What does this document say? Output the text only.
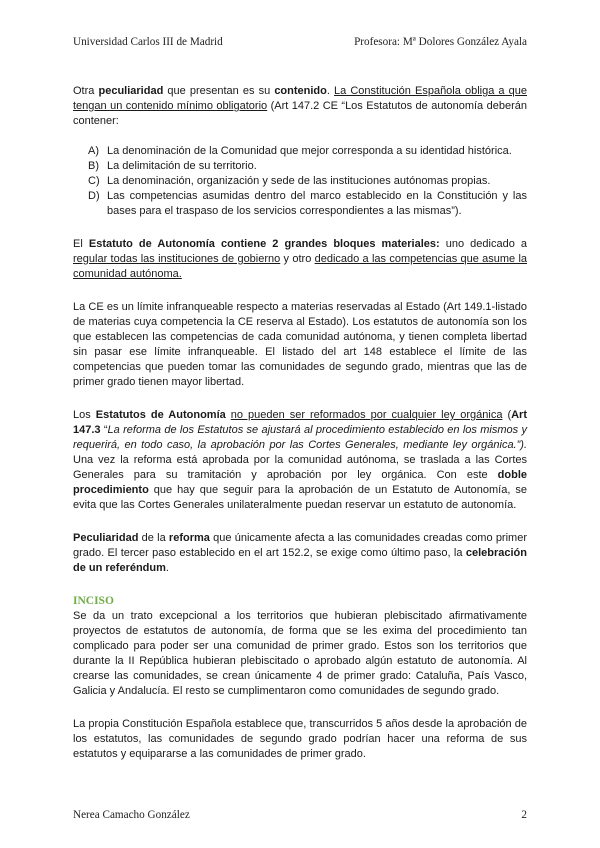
Universidad Carlos III de Madrid	Profesora: Mª Dolores González Ayala

Otra peculiaridad que presentan es su contenido. La Constitución Española obliga a que tengan un contenido mínimo obligatorio (Art 147.2 CE “Los Estatutos de autonomía deberán contener:

A) La denominación de la Comunidad que mejor corresponda a su identidad histórica.
B) La delimitación de su territorio.
C) La denominación, organización y sede de las instituciones autónomas propias.
D) Las competencias asumidas dentro del marco establecido en la Constitución y las bases para el traspaso de los servicios correspondientes a las mismas”).

El Estatuto de Autonomía contiene 2 grandes bloques materiales: uno dedicado a regular todas las instituciones de gobierno y otro dedicado a las competencias que asume la comunidad autónoma.

La CE es un límite infranqueable respecto a materias reservadas al Estado (Art 149.1-listado de materias cuya competencia la CE reserva al Estado). Los estatutos de autonomía son los que establecen las competencias de cada comunidad autónoma, y tienen completa libertad sin pasar ese límite infranqueable. El listado del art 148 establece el límite de las competencias que pueden tomar las comunidades de segundo grado, mientras que las de primer grado tienen mayor libertad.

Los Estatutos de Autonomía no pueden ser reformados por cualquier ley orgánica (Art 147.3 “La reforma de los Estatutos se ajustará al procedimiento establecido en los mismos y requerirá, en todo caso, la aprobación por las Cortes Generales, mediante ley orgánica.”). Una vez la reforma está aprobada por la comunidad autónoma, se traslada a las Cortes Generales para su tramitación y aprobación por ley orgánica. Con este doble procedimiento que hay que seguir para la aprobación de un Estatuto de Autonomía, se evita que las Cortes Generales unilateralmente puedan reservar un estatuto de autonomía.

Peculiaridad de la reforma que únicamente afecta a las comunidades creadas como primer grado. El tercer paso establecido en el art 152.2, se exige como último paso, la celebración de un referéndum.

INCISO

Se da un trato excepcional a los territorios que hubieran plebiscitado afirmativamente proyectos de estatutos de autonomía, de forma que se les exima del procedimiento tan complicado para poder ser una comunidad de primer grado. Estos son los territorios que durante la II República hubieran plebiscitado o aprobado algún estatuto de autonomía. Al crearse las comunidades, se crean únicamente 4 de primer grado: Cataluña, País Vasco, Galicia y Andalucía. El resto se cumplimentaron como comunidades de segundo grado.

La propia Constitución Española establece que, transcurridos 5 años desde la aprobación de los estatutos, las comunidades de segundo grado podrían hacer una reforma de sus estatutos y equipararse a las comunidades de primer grado.

Nerea Camacho González	2
